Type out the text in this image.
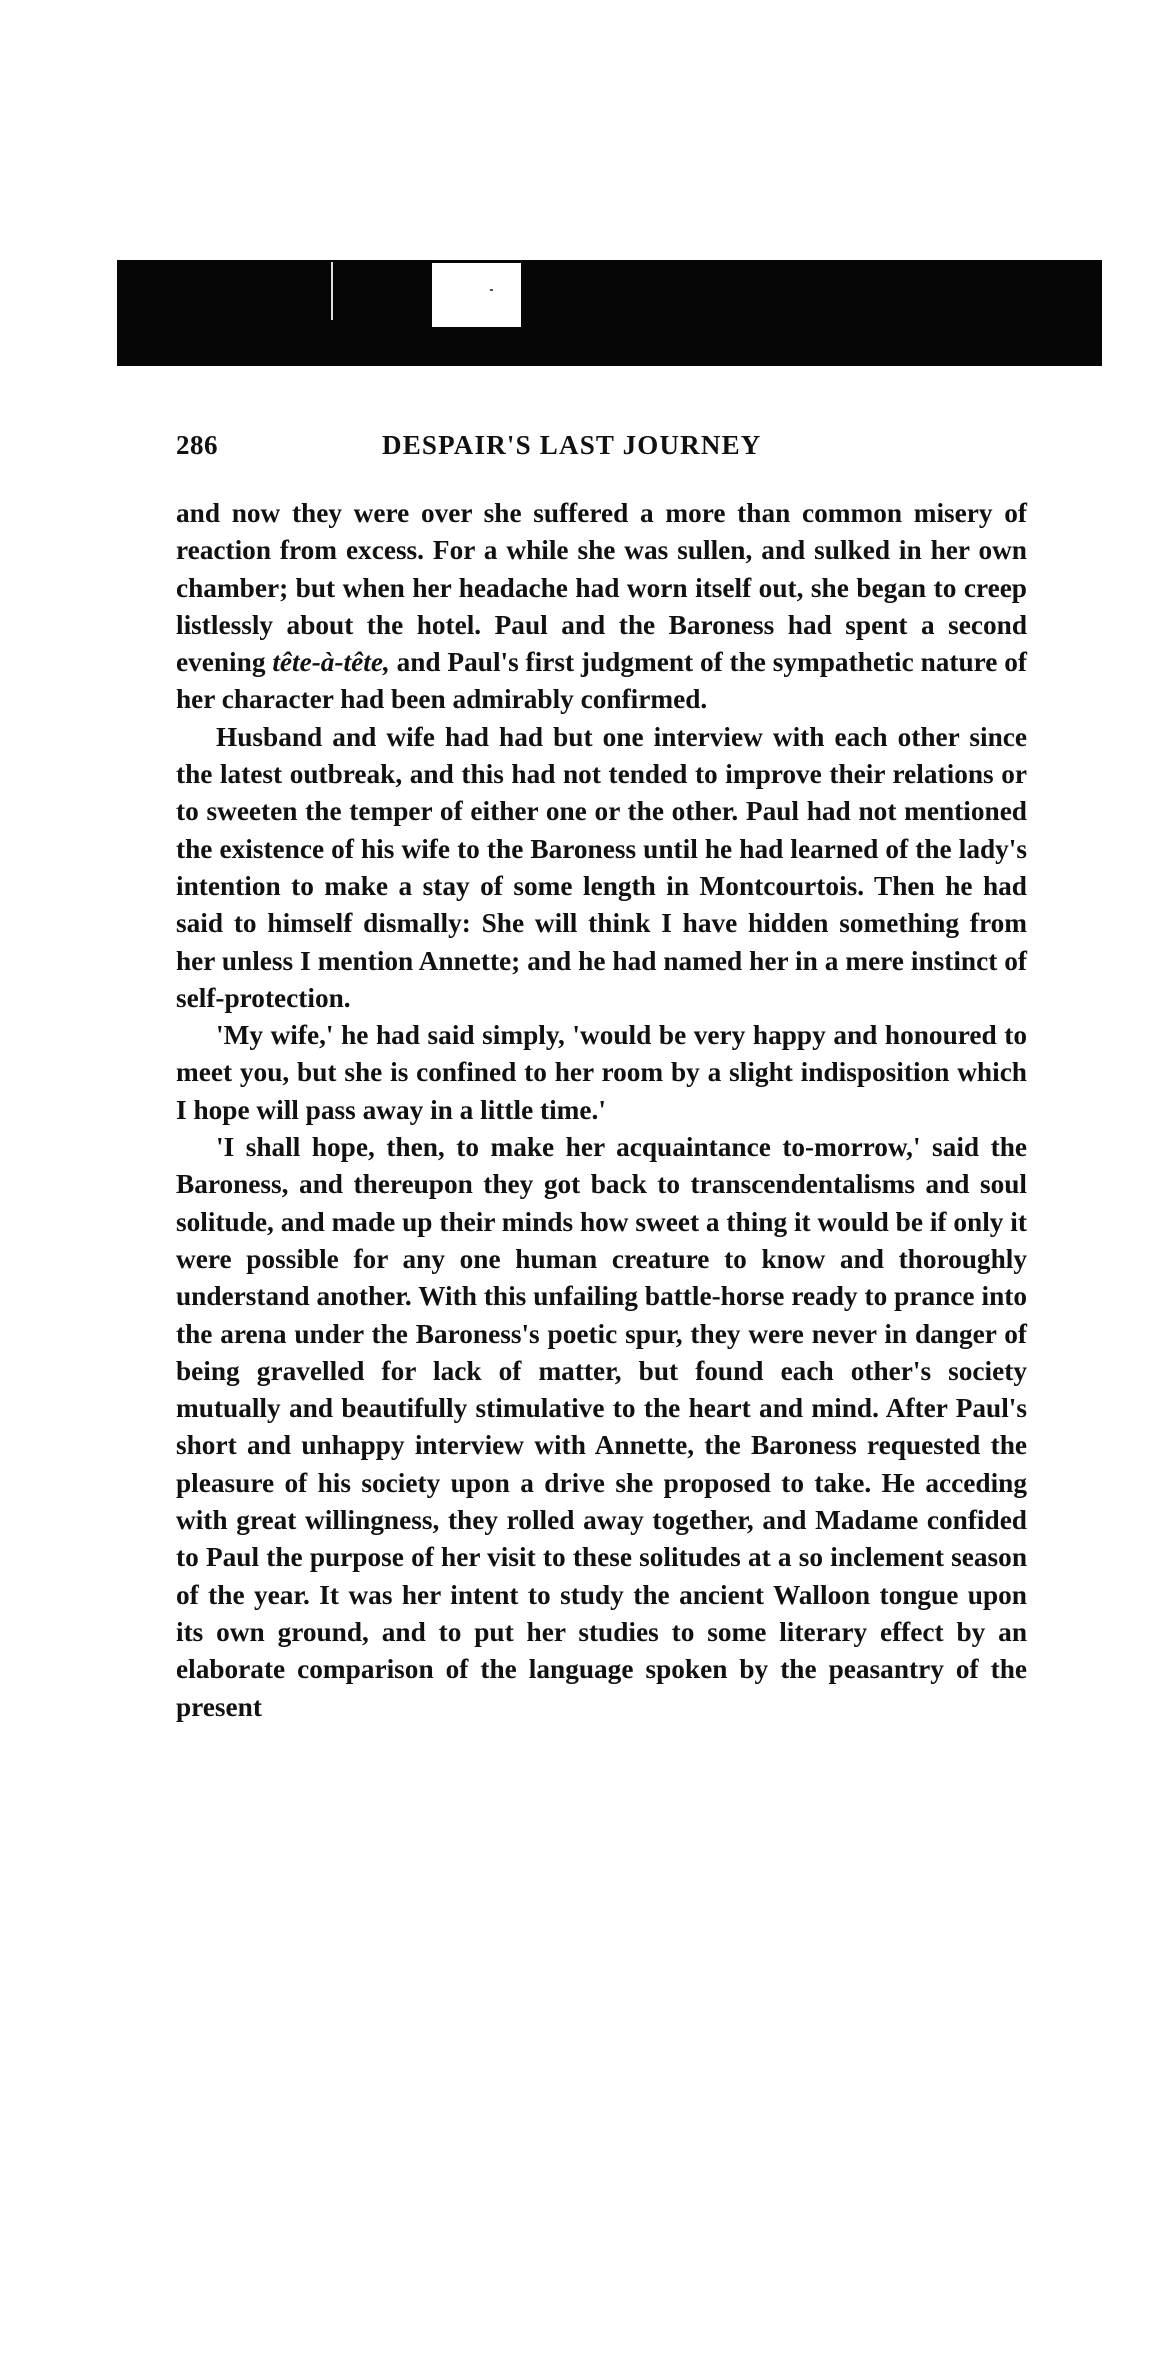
286	DESPAIR'S LAST JOURNEY

and now they were over she suffered a more than common misery of reaction from excess. For a while she was sullen, and sulked in her own chamber; but when her headache had worn itself out, she began to creep listlessly about the hotel. Paul and the Baroness had spent a second evening tête-à-tête, and Paul's first judgment of the sympathetic nature of her character had been admirably confirmed.

Husband and wife had had but one interview with each other since the latest outbreak, and this had not tended to improve their relations or to sweeten the temper of either one or the other. Paul had not mentioned the existence of his wife to the Baroness until he had learned of the lady's intention to make a stay of some length in Montcourtois. Then he had said to himself dismally: She will think I have hidden something from her unless I mention Annette; and he had named her in a mere instinct of self-protection.

'My wife,' he had said simply, 'would be very happy and honoured to meet you, but she is confined to her room by a slight indisposition which I hope will pass away in a little time.'

'I shall hope, then, to make her acquaintance to-morrow,' said the Baroness, and thereupon they got back to transcendentalisms and soul solitude, and made up their minds how sweet a thing it would be if only it were possible for any one human creature to know and thoroughly understand another. With this unfailing battle-horse ready to prance into the arena under the Baroness's poetic spur, they were never in danger of being gravelled for lack of matter, but found each other's society mutually and beautifully stimulative to the heart and mind. After Paul's short and unhappy interview with Annette, the Baroness requested the pleasure of his society upon a drive she proposed to take. He acceding with great willingness, they rolled away together, and Madame confided to Paul the purpose of her visit to these solitudes at a so inclement season of the year. It was her intent to study the ancient Walloon tongue upon its own ground, and to put her studies to some literary effect by an elaborate comparison of the language spoken by the peasantry of the present
